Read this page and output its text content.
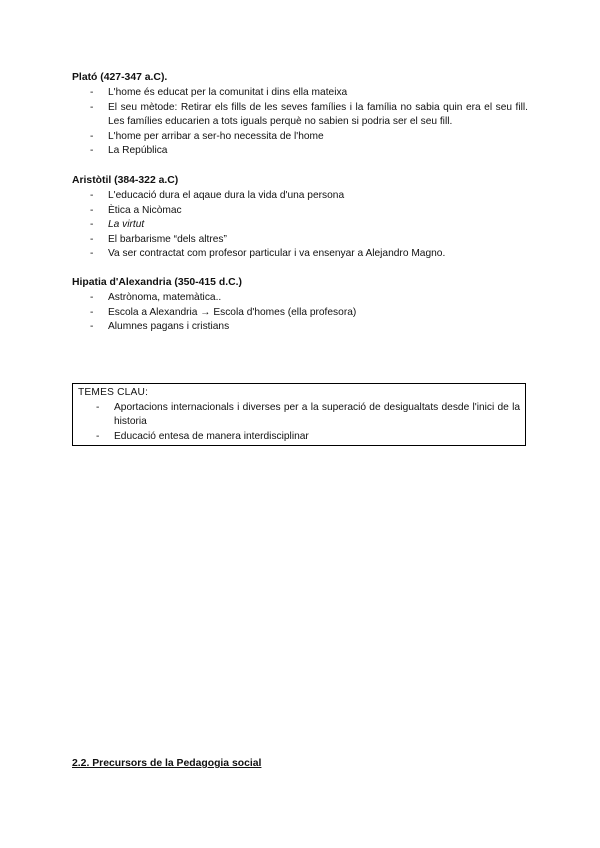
Plató (427-347 a.C).

- L'home és educat per la comunitat i dins ella mateixa
- El seu mètode: Retirar els fills de les seves famílies i la família no sabia quin era el seu fill. Les famílies educarien a tots iguals perquè no sabien si podria ser el seu fill.
- L'home per arribar a ser-ho necessita de l'home
- La República

Aristòtil (384-322 a.C)

- L'educació dura el aqaue dura la vida d'una persona
- Ètica a Nicòmac
- La virtut
- El barbarisme “dels altres”
- Va ser contractat com profesor particular i va ensenyar a Alejandro Magno.

Hipatia d'Alexandria (350-415 d.C.)

- Astrònoma, matemàtica..
- Escola a Alexandria → Escola d'homes (ella profesora)
- Alumnes pagans i cristians

TEMES CLAU:

- Aportacions internacionals i diverses per a la superació de desigualtats desde l'inici de la historia
- Educació entesa de manera interdisciplinar

2.2. Precursors de la Pedagogia social
